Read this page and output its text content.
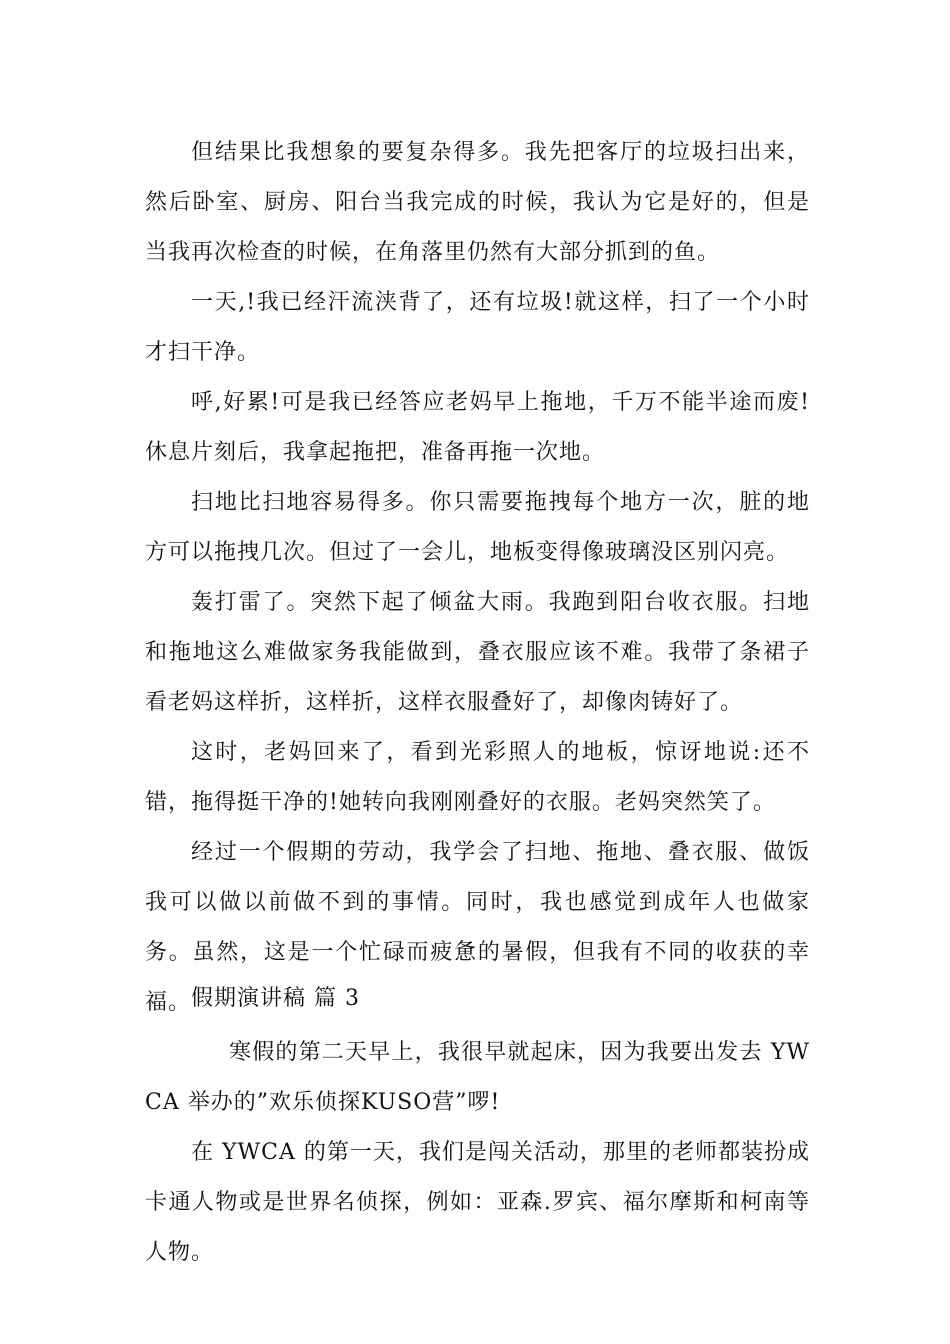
但结果比我想象的要复杂得多。我先把客厅的垃圾扫出来，然后卧室、厨房、阳台当我完成的时候，我认为它是好的，但是当我再次检查的时候，在角落里仍然有大部分抓到的鱼。

一天,!我已经汗流浃背了，还有垃圾!就这样，扫了一个小时才扫干净。

呼,好累!可是我已经答应老妈早上拖地，千万不能半途而废!休息片刻后，我拿起拖把，准备再拖一次地。

扫地比扫地容易得多。你只需要拖拽每个地方一次，脏的地方可以拖拽几次。但过了一会儿，地板变得像玻璃没区别闪亮。

轰打雷了。突然下起了倾盆大雨。我跑到阳台收衣服。扫地和拖地这么难做家务我能做到，叠衣服应该不难。我带了条裙子看老妈这样折，这样折，这样衣服叠好了，却像肉铸好了。

这时，老妈回来了，看到光彩照人的地板，惊讶地说:还不错，拖得挺干净的!她转向我刚刚叠好的衣服。老妈突然笑了。

经过一个假期的劳动，我学会了扫地、拖地、叠衣服、做饭我可以做以前做不到的事情。同时，我也感觉到成年人也做家务。虽然，这是一个忙碌而疲惫的暑假，但我有不同的收获的幸福。 假期演讲稿 篇 3

寒假的第二天早上，我很早就起床，因为我要出发去 YWCA 举办的”欢乐侦探KUSO营”啰!

在 YWCA 的第一天，我们是闯关活动，那里的老师都装扮成卡通人物或是世界名侦探，例如：亚森.罗宾、福尔摩斯和柯南等人物。
